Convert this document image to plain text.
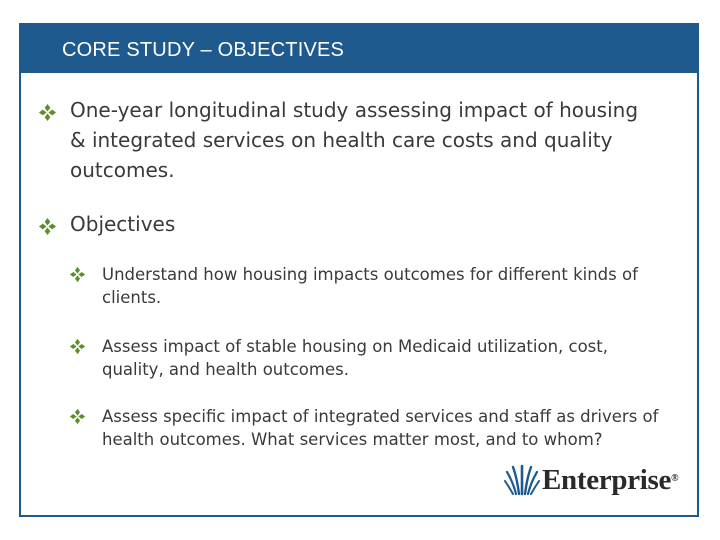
CORE STUDY – OBJECTIVES
One-year longitudinal study assessing impact of housing & integrated services on health care costs and quality outcomes.
Objectives
Understand how housing impacts outcomes for different kinds of clients.
Assess impact of stable housing on Medicaid utilization, cost, quality, and health outcomes.
Assess specific impact of integrated services and staff as drivers of health outcomes. What services matter most, and to whom?
Enterprise®
